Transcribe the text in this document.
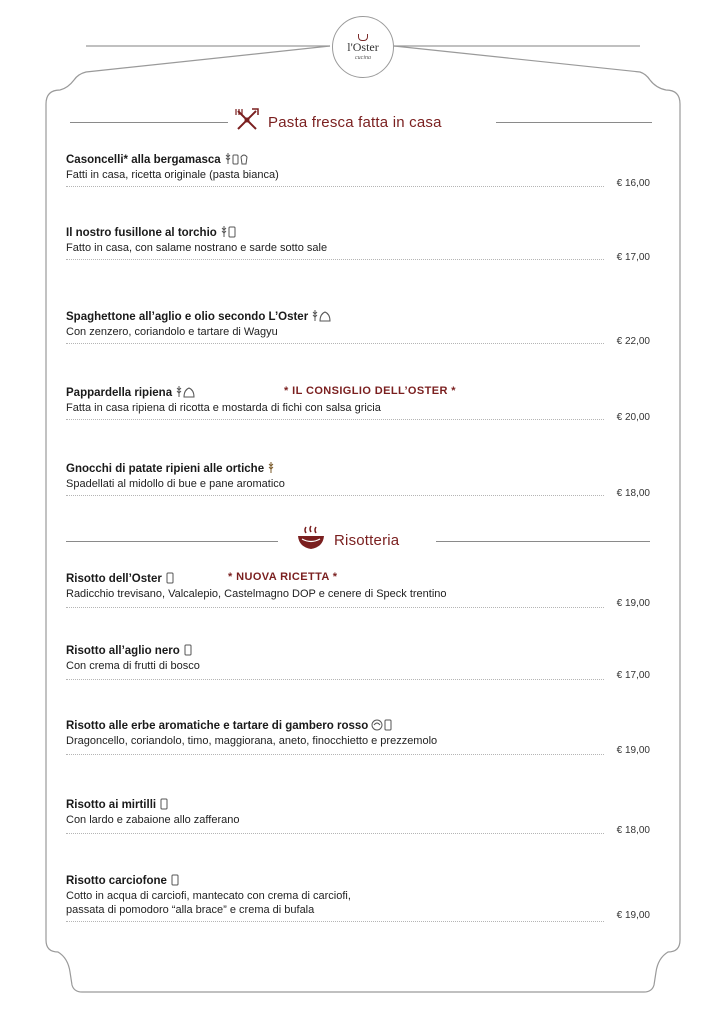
l'Oster
cucina
Pasta fresca fatta in casa
Casoncelli* alla bergamasca
Fatti in casa, ricetta originale (pasta bianca)
€ 16,00
Il nostro fusillone al torchio
Fatto in casa, con salame nostrano e sarde sotto sale
€ 17,00
Spaghettone all’aglio e olio secondo L’Oster
Con zenzero, coriandolo e tartare di Wagyu
€ 22,00
Pappardella ripiena	* IL CONSIGLIO DELL’OSTER *
Fatta in casa ripiena di ricotta e mostarda di fichi con salsa gricia
€ 20,00
Gnocchi di patate ripieni alle ortiche
Spadellati al midollo di bue e pane aromatico
€ 18,00
Risotteria
Risotto dell’Oster	* NUOVA RICETTA *
Radicchio trevisano, Valcalepio, Castelmagno DOP e cenere di Speck trentino
€ 19,00
Risotto all’aglio nero
Con crema di frutti di bosco
€ 17,00
Risotto alle erbe aromatiche e tartare di gambero rosso
Dragoncello, coriandolo, timo, maggiorana, aneto, finocchietto e prezzemolo
€ 19,00
Risotto ai mirtilli
Con lardo e zabaione allo zafferano
€ 18,00
Risotto carciofone
Cotto in acqua di carciofi, mantecato con crema di carciofi,
passata di pomodoro “alla brace” e crema di bufala	€ 19,00
